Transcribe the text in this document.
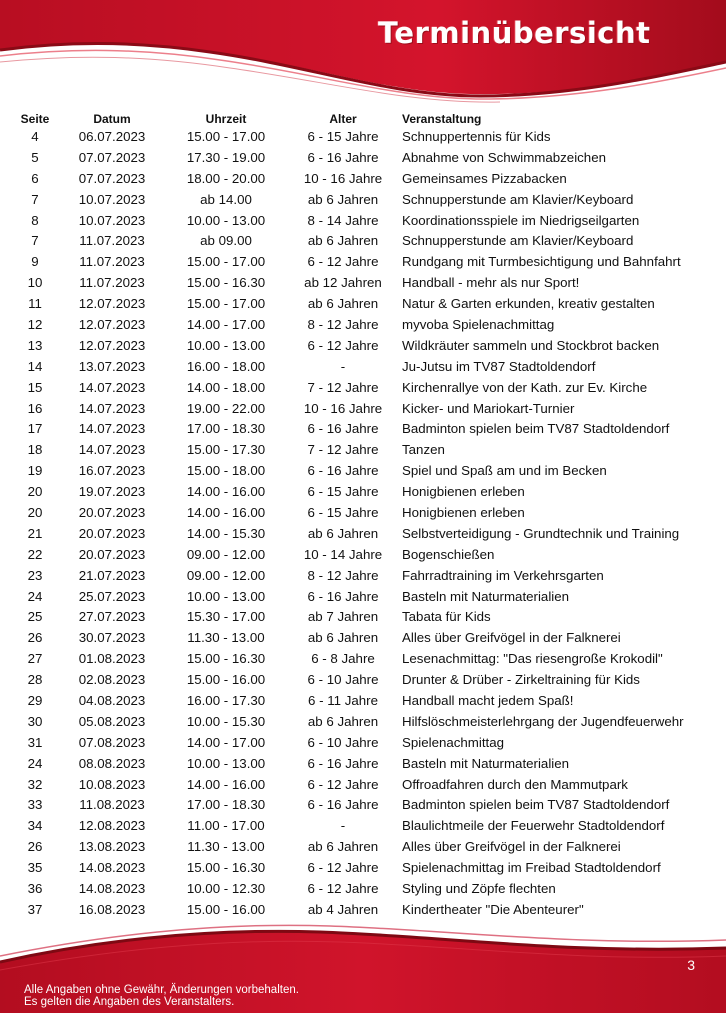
Terminübersicht
Seite	Datum	Uhrzeit	Alter	Veranstaltung
4	06.07.2023	15.00 - 17.00	6 - 15 Jahre	Schnuppertennis für Kids
5	07.07.2023	17.30 - 19.00	6 - 16 Jahre	Abnahme von Schwimmabzeichen
6	07.07.2023	18.00 - 20.00	10 - 16 Jahre	Gemeinsames Pizzabacken
7	10.07.2023	ab 14.00	ab 6 Jahren	Schnupperstunde am Klavier/Keyboard
8	10.07.2023	10.00 - 13.00	8 - 14 Jahre	Koordinationsspiele im Niedrigseilgarten
7	11.07.2023	ab 09.00	ab 6 Jahren	Schnupperstunde am Klavier/Keyboard
9	11.07.2023	15.00 - 17.00	6 - 12 Jahre	Rundgang mit Turmbesichtigung und Bahnfahrt
10	11.07.2023	15.00 - 16.30	ab 12 Jahren	Handball - mehr als nur Sport!
11	12.07.2023	15.00 - 17.00	ab 6 Jahren	Natur & Garten erkunden, kreativ gestalten
12	12.07.2023	14.00 - 17.00	8 - 12 Jahre	myvoba Spielenachmittag
13	12.07.2023	10.00 - 13.00	6 - 12 Jahre	Wildkräuter sammeln und Stockbrot backen
14	13.07.2023	16.00 - 18.00	-	Ju-Jutsu im TV87 Stadtoldendorf
15	14.07.2023	14.00 - 18.00	7 - 12 Jahre	Kirchenrallye von der Kath. zur Ev. Kirche
16	14.07.2023	19.00 - 22.00	10 - 16 Jahre	Kicker- und Mariokart-Turnier
17	14.07.2023	17.00 - 18.30	6 - 16 Jahre	Badminton spielen beim TV87 Stadtoldendorf
18	14.07.2023	15.00 - 17.30	7 - 12 Jahre	Tanzen
19	16.07.2023	15.00 - 18.00	6 - 16 Jahre	Spiel und Spaß am und im Becken
20	19.07.2023	14.00 - 16.00	6 - 15 Jahre	Honigbienen erleben
20	20.07.2023	14.00 - 16.00	6 - 15 Jahre	Honigbienen erleben
21	20.07.2023	14.00 - 15.30	ab 6 Jahren	Selbstverteidigung - Grundtechnik und Training
22	20.07.2023	09.00 - 12.00	10 - 14 Jahre	Bogenschießen
23	21.07.2023	09.00 - 12.00	8 - 12 Jahre	Fahrradtraining im Verkehrsgarten
24	25.07.2023	10.00 - 13.00	6 - 16 Jahre	Basteln mit Naturmaterialien
25	27.07.2023	15.30 - 17.00	ab 7 Jahren	Tabata für Kids
26	30.07.2023	11.30 - 13.00	ab 6 Jahren	Alles über Greifvögel in der Falknerei
27	01.08.2023	15.00 - 16.30	6 - 8 Jahre	Lesenachmittag: "Das riesengroße Krokodil"
28	02.08.2023	15.00 - 16.00	6 - 10 Jahre	Drunter & Drüber - Zirkeltraining für Kids
29	04.08.2023	16.00 - 17.30	6 - 11 Jahre	Handball macht jedem Spaß!
30	05.08.2023	10.00 - 15.30	ab 6 Jahren	Hilfslöschmeisterlehrgang der Jugendfeuerwehr
31	07.08.2023	14.00 - 17.00	6 - 10 Jahre	Spielenachmittag
24	08.08.2023	10.00 - 13.00	6 - 16 Jahre	Basteln mit Naturmaterialien
32	10.08.2023	14.00 - 16.00	6 - 12 Jahre	Offroadfahren durch den Mammutpark
33	11.08.2023	17.00 - 18.30	6 - 16 Jahre	Badminton spielen beim TV87 Stadtoldendorf
34	12.08.2023	11.00 - 17.00	-	Blaulichtmeile der Feuerwehr Stadtoldendorf
26	13.08.2023	11.30 - 13.00	ab 6 Jahren	Alles über Greifvögel in der Falknerei
35	14.08.2023	15.00 - 16.30	6 - 12 Jahre	Spielenachmittag im Freibad Stadtoldendorf
36	14.08.2023	10.00 - 12.30	6 - 12 Jahre	Styling und Zöpfe flechten
37	16.08.2023	15.00 - 16.00	ab 4 Jahren	Kindertheater "Die Abenteurer"
3
Alle Angaben ohne Gewähr, Änderungen vorbehalten.
Es gelten die Angaben des Veranstalters.
